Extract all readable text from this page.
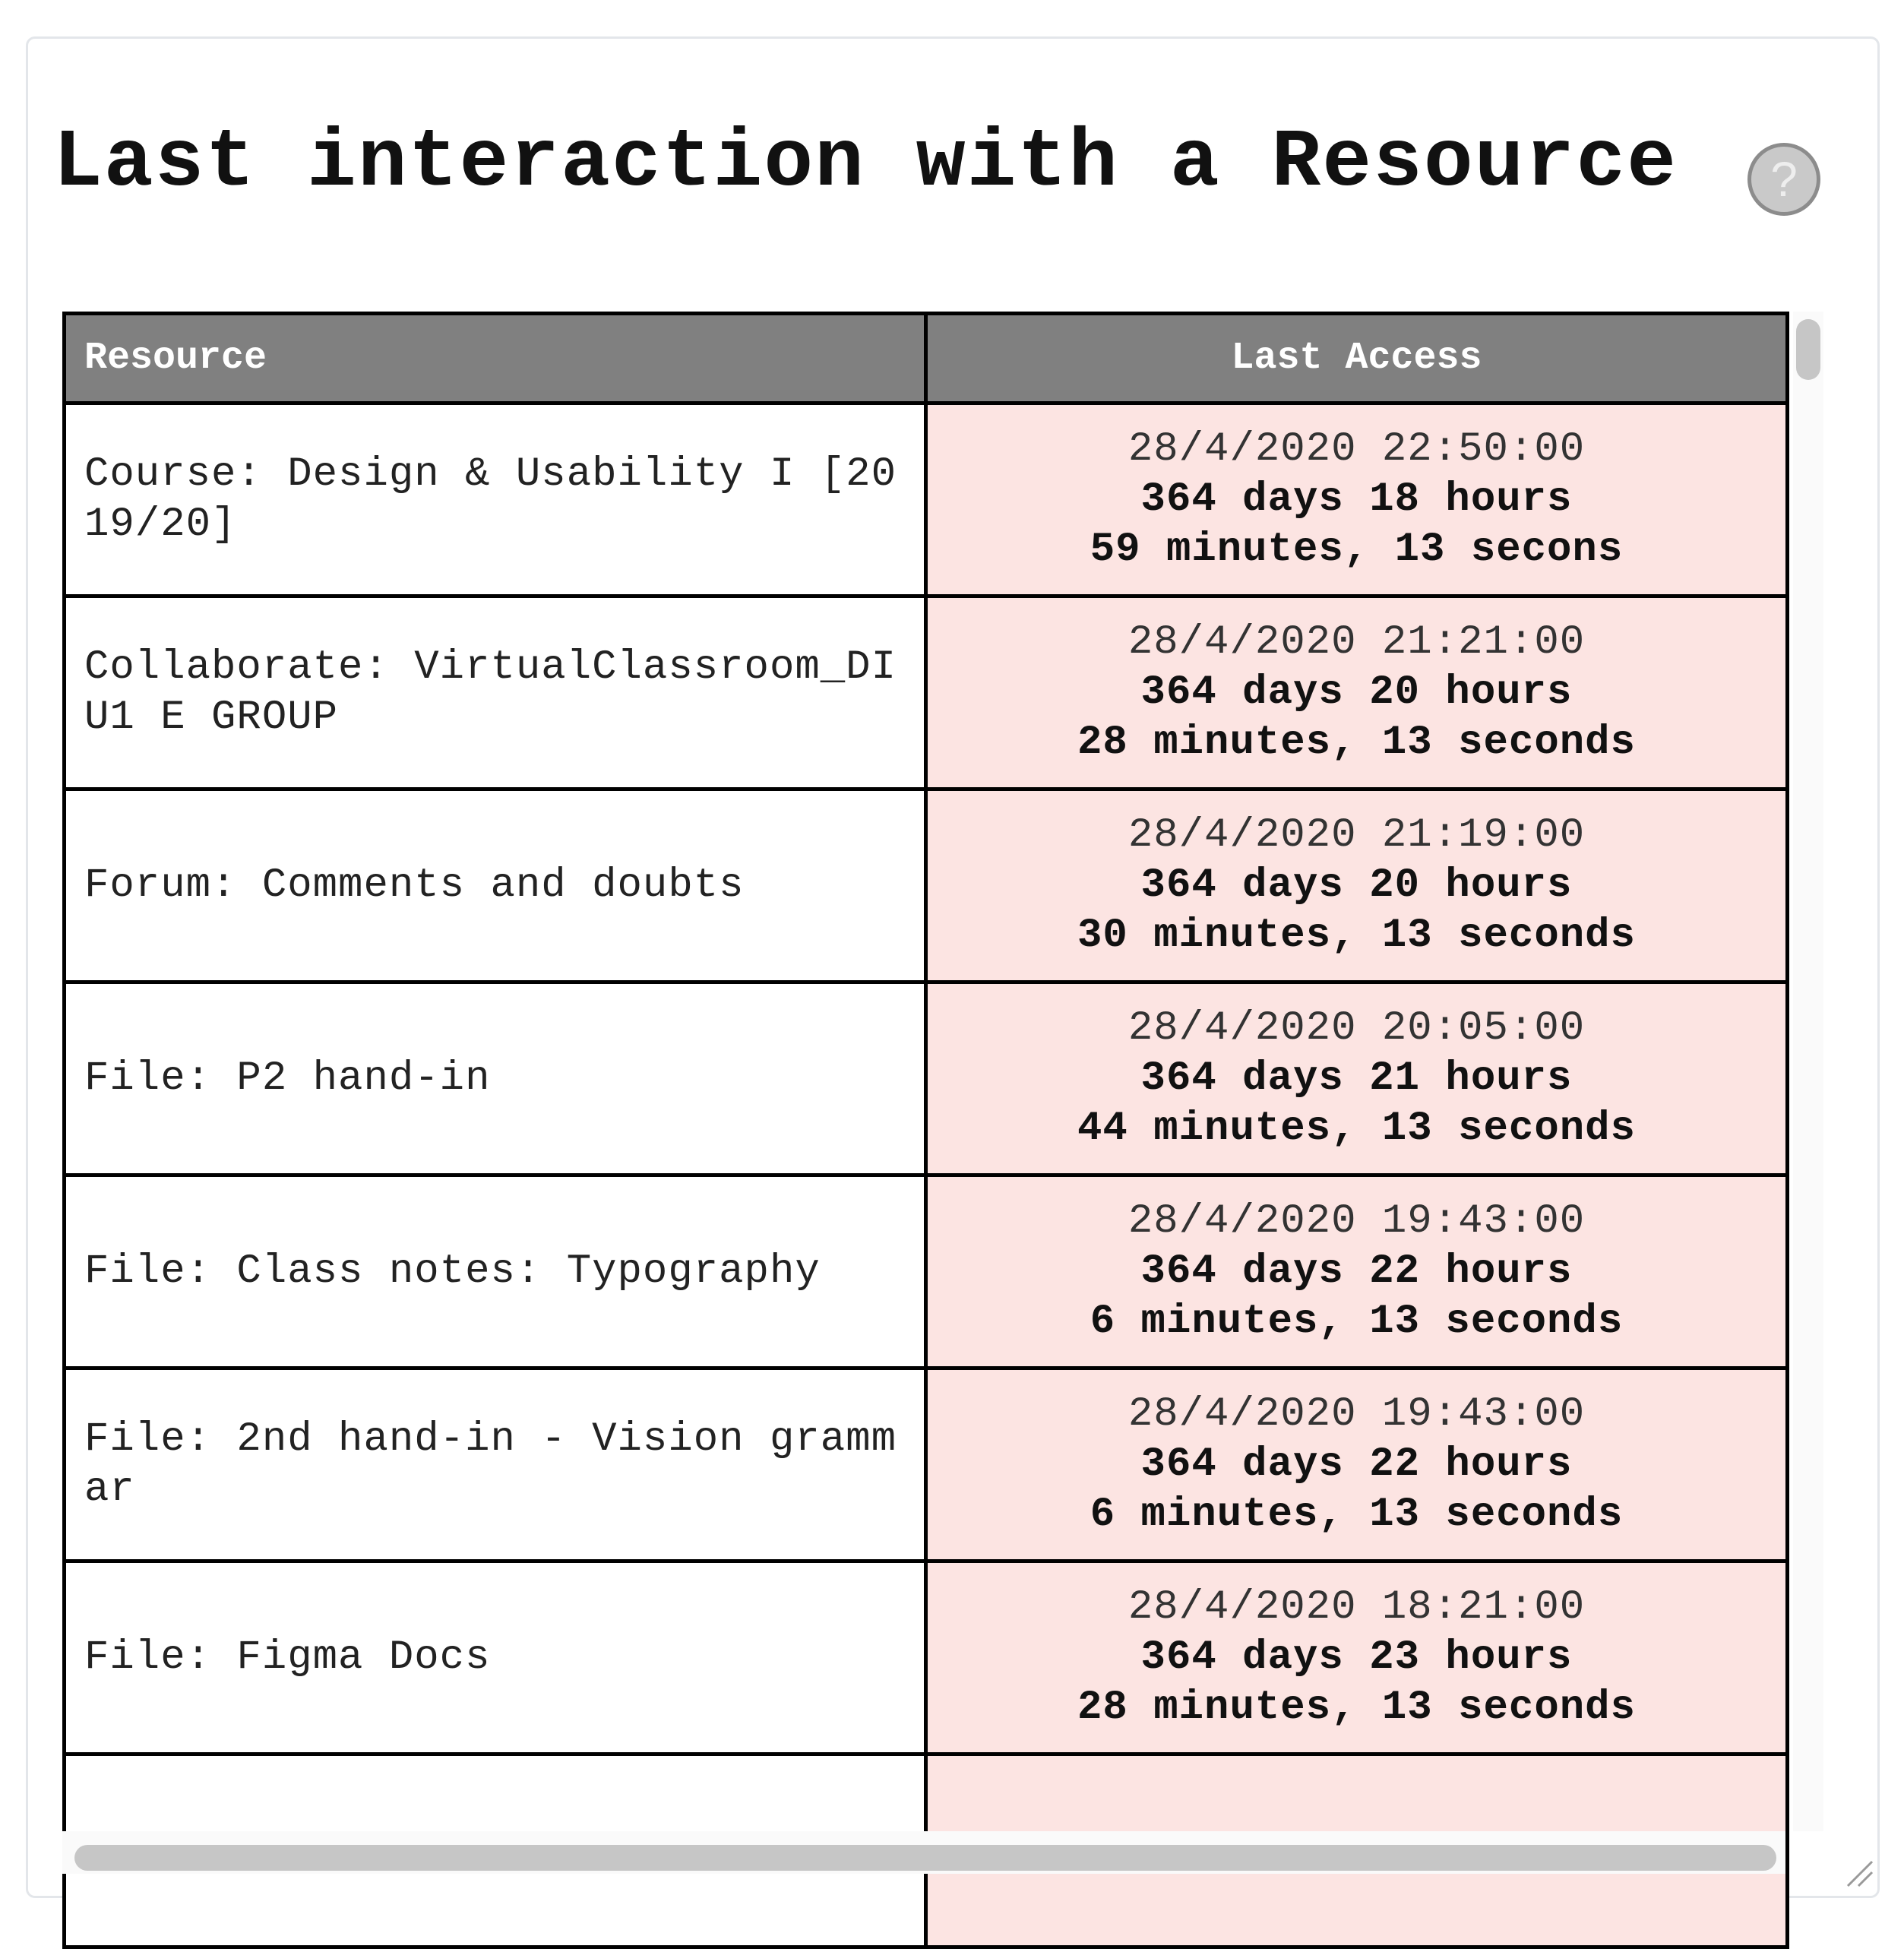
Last interaction with a Resource	?
Resource	Last Access
Course: Design & Usability I [2019/20]	28/4/2020 22:50:00
364 days 18 hours
59 minutes, 13 secons

Collaborate: VirtualClassroom_DIU1 E GROUP	28/4/2020 21:21:00
364 days 20 hours
28 minutes, 13 seconds

Forum: Comments and doubts	28/4/2020 21:19:00
364 days 20 hours
30 minutes, 13 seconds

File: P2 hand-in	28/4/2020 20:05:00
364 days 21 hours
44 minutes, 13 seconds

File: Class notes: Typography	28/4/2020 19:43:00
364 days 22 hours
6 minutes, 13 seconds

File: 2nd hand-in - Vision grammar	28/4/2020 19:43:00
364 days 22 hours
6 minutes, 13 seconds

File: Figma Docs	28/4/2020 18:21:00
364 days 23 hours
28 minutes, 13 seconds
